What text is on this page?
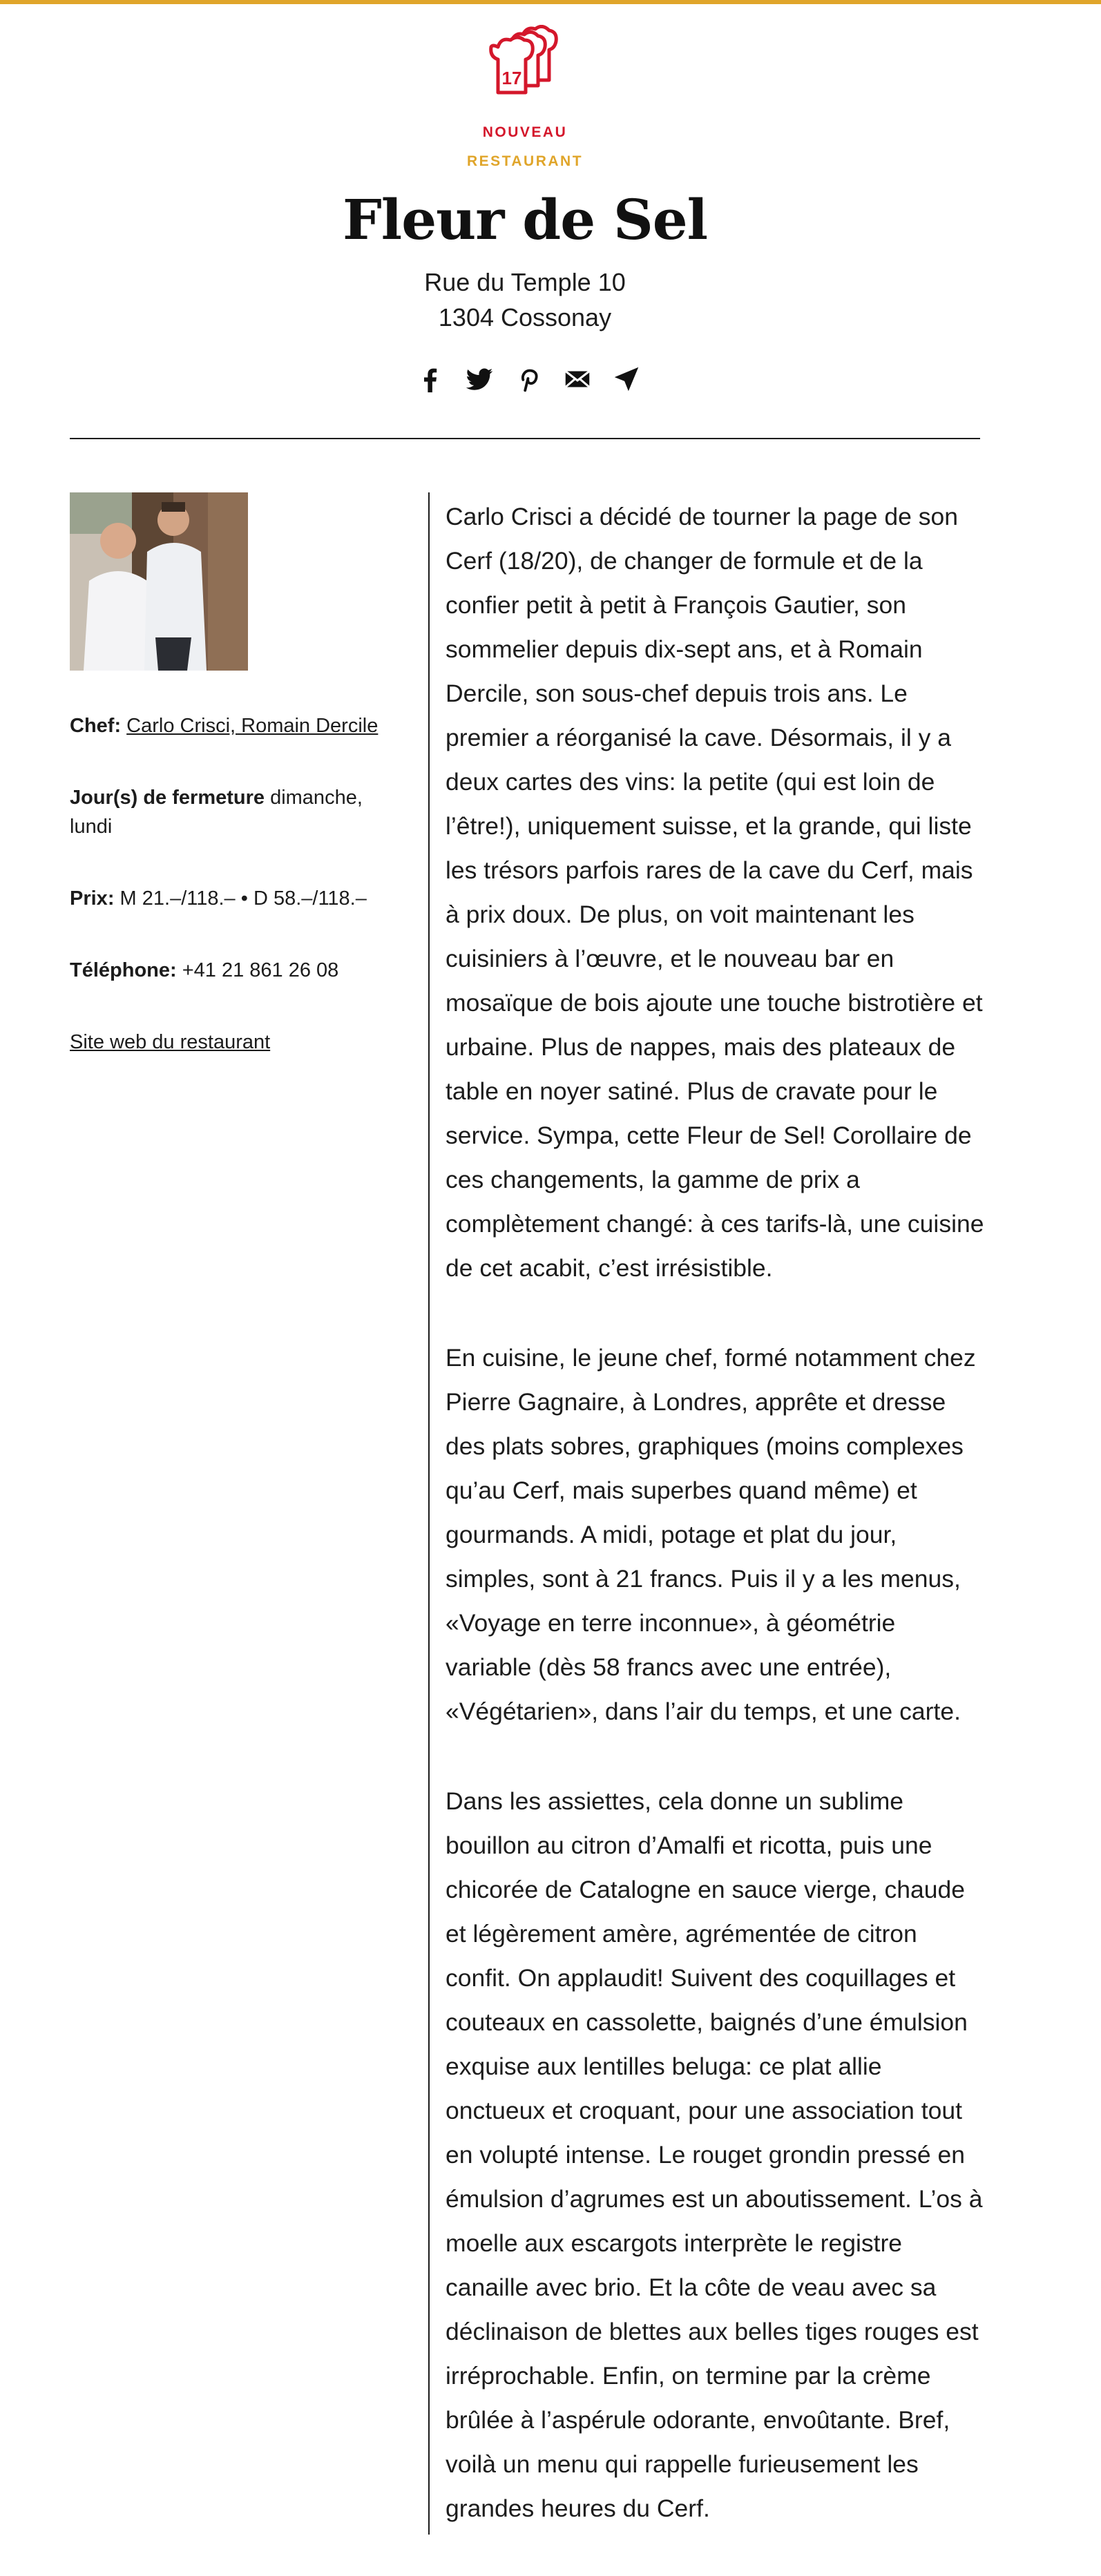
17
NOUVEAU
RESTAURANT
Fleur de Sel
Rue du Temple 10
1304 Cossonay
Chef: Carlo Crisci, Romain Dercile
Jour(s) de fermeture dimanche, lundi
Prix: M 21.–/118.– • D 58.–/118.–
Téléphone: +41 21 861 26 08
Site web du restaurant

Carlo Crisci a décidé de tourner la page de son Cerf (18/20), de changer de formule et de la confier petit à petit à François Gautier, son sommelier depuis dix-sept ans, et à Romain Dercile, son sous-chef depuis trois ans. Le premier a réorganisé la cave. Désormais, il y a deux cartes des vins: la petite (qui est loin de l’être!), uniquement suisse, et la grande, qui liste les trésors parfois rares de la cave du Cerf, mais à prix doux. De plus, on voit maintenant les cuisiniers à l’œuvre, et le nouveau bar en mosaïque de bois ajoute une touche bistrotière et urbaine. Plus de nappes, mais des plateaux de table en noyer satiné. Plus de cravate pour le service. Sympa, cette Fleur de Sel! Corollaire de ces changements, la gamme de prix a complètement changé: à ces tarifs-là, une cuisine de cet acabit, c’est irrésistible.

En cuisine, le jeune chef, formé notamment chez Pierre Gagnaire, à Londres, apprête et dresse des plats sobres, graphiques (moins complexes qu’au Cerf, mais superbes quand même) et gourmands. A midi, potage et plat du jour, simples, sont à 21 francs. Puis il y a les menus, «Voyage en terre inconnue», à géométrie variable (dès 58 francs avec une entrée), «Végétarien», dans l’air du temps, et une carte.

Dans les assiettes, cela donne un sublime bouillon au citron d’Amalfi et ricotta, puis une chicorée de Catalogne en sauce vierge, chaude et légèrement amère, agrémentée de citron confit. On applaudit! Suivent des coquillages et couteaux en cassolette, baignés d’une émulsion exquise aux lentilles beluga: ce plat allie onctueux et croquant, pour une association tout en volupté intense. Le rouget grondin pressé en émulsion d’agrumes est un aboutissement. L’os à moelle aux escargots interprète le registre canaille avec brio. Et la côte de veau avec sa déclinaison de blettes aux belles tiges rouges est irréprochable. Enfin, on termine par la crème brûlée à l’aspérule odorante, envoûtante. Bref, voilà un menu qui rappelle furieusement les grandes heures du Cerf.
